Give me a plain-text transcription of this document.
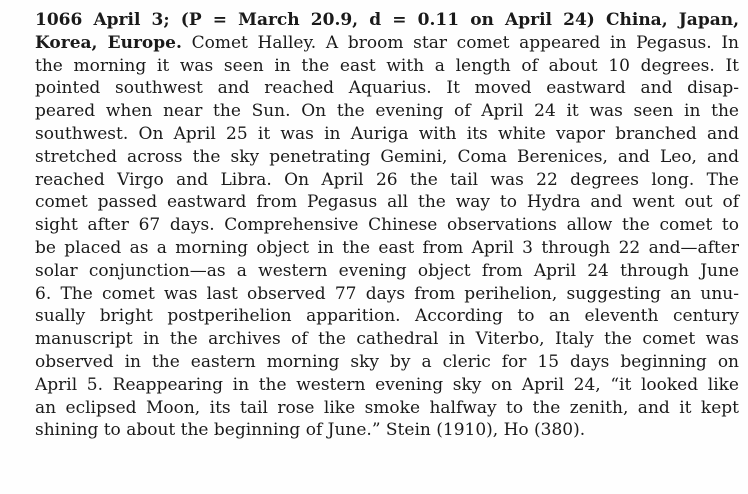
1066 April 3; (P = March 20.9, d = 0.11 on April 24) China, Japan,
Korea, Europe. Comet Halley. A broom star comet appeared in Pegasus. In
the morning it was seen in the east with a length of about 10 degrees. It
pointed southwest and reached Aquarius. It moved eastward and disap-
peared when near the Sun. On the evening of April 24 it was seen in the
southwest. On April 25 it was in Auriga with its white vapor branched and
stretched across the sky penetrating Gemini, Coma Berenices, and Leo, and
reached Virgo and Libra. On April 26 the tail was 22 degrees long. The
comet passed eastward from Pegasus all the way to Hydra and went out of
sight after 67 days. Comprehensive Chinese observations allow the comet to
be placed as a morning object in the east from April 3 through 22 and—after
solar conjunction—as a western evening object from April 24 through June
6. The comet was last observed 77 days from perihelion, suggesting an unu-
sually bright postperihelion apparition. According to an eleventh century
manuscript in the archives of the cathedral in Viterbo, Italy the comet was
observed in the eastern morning sky by a cleric for 15 days beginning on
April 5. Reappearing in the western evening sky on April 24, “it looked like
an eclipsed Moon, its tail rose like smoke halfway to the zenith, and it kept
shining to about the beginning of June.” Stein (1910), Ho (380).
